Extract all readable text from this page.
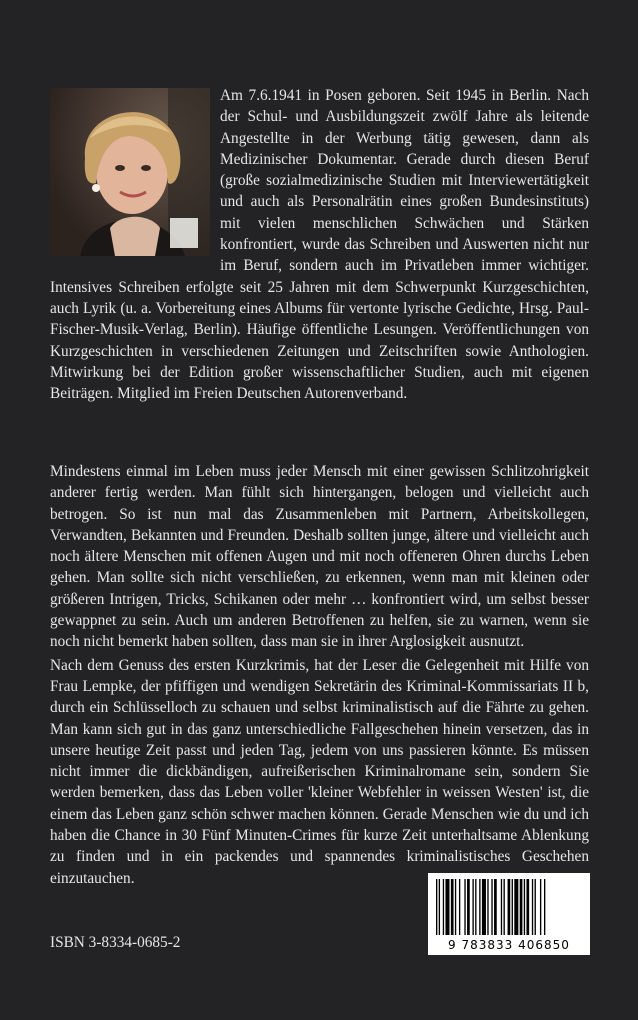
Am 7.6.1941 in Posen geboren. Seit 1945 in Berlin. Nach der Schul- und Ausbildungszeit zwölf Jahre als leitende Angestellte in der Werbung tätig gewesen, dann als Medizinischer Dokumentar. Gerade durch diesen Beruf (große sozialmedizinische Studien mit Interviewertätigkeit und auch als Personalrätin eines großen Bundesinstituts) mit vielen menschlichen Schwächen und Stärken konfrontiert, wurde das Schreiben und Auswerten nicht nur im Beruf, sondern auch im Privatleben immer wichtiger. Intensives Schreiben erfolgte seit 25 Jahren mit dem Schwerpunkt Kurzgeschichten, auch Lyrik (u. a. Vorbereitung eines Albums für vertonte lyrische Gedichte, Hrsg. Paul-Fischer-Musik-Verlag, Berlin). Häufige öffentliche Lesungen. Veröffentlichungen von Kurzgeschichten in verschiedenen Zeitungen und Zeitschriften sowie Anthologien. Mitwirkung bei der Edition großer wissenschaftlicher Studien, auch mit eigenen Beiträgen. Mitglied im Freien Deutschen Autorenverband.

Mindestens einmal im Leben muss jeder Mensch mit einer gewissen Schlitzohrigkeit anderer fertig werden. Man fühlt sich hintergangen, belogen und vielleicht auch betrogen. So ist nun mal das Zusammenleben mit Partnern, Arbeitskollegen, Verwandten, Bekannten und Freunden. Deshalb sollten junge, ältere und vielleicht auch noch ältere Menschen mit offenen Augen und mit noch offeneren Ohren durchs Leben gehen. Man sollte sich nicht verschließen, zu erkennen, wenn man mit kleinen oder größeren Intrigen, Tricks, Schikanen oder mehr … konfrontiert wird, um selbst besser gewappnet zu sein. Auch um anderen Betroffenen zu helfen, sie zu warnen, wenn sie noch nicht bemerkt haben sollten, dass man sie in ihrer Arglosigkeit ausnutzt.

Nach dem Genuss des ersten Kurzkrimis, hat der Leser die Gelegenheit mit Hilfe von Frau Lempke, der pfiffigen und wendigen Sekretärin des Kriminal-Kommissariats II b, durch ein Schlüsselloch zu schauen und selbst kriminalistisch auf die Fährte zu gehen. Man kann sich gut in das ganz unterschiedliche Fallgeschehen hinein versetzen, das in unsere heutige Zeit passt und jeden Tag, jedem von uns passieren könnte. Es müssen nicht immer die dickbändigen, aufreißerischen Kriminalromane sein, sondern Sie werden bemerken, dass das Leben voller 'kleiner Webfehler in weissen Westen' ist, die einem das Leben ganz schön schwer machen können. Gerade Menschen wie du und ich haben die Chance in 30 Fünf Minuten-Crimes für kurze Zeit unterhaltsame Ablenkung zu finden und in ein packendes und spannendes kriminalistisches Geschehen einzutauchen.

ISBN 3-8334-0685-2	9 783833 406850
